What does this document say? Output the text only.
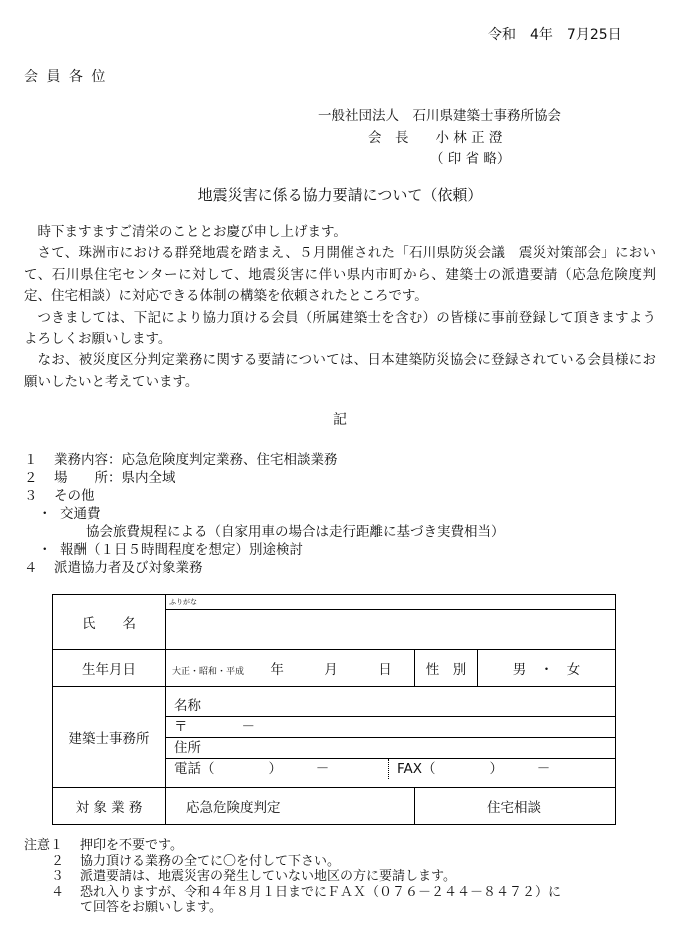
令和　4年　7月25日
会 員 各 位
一般社団法人　石川県建築士事務所協会
会　長　　小 林 正 澄
（ 印 省 略）
地震災害に係る協力要請について（依頼）

時下ますますご清栄のこととお慶び申し上げます。

さて、珠洲市における群発地震を踏まえ、５月開催された「石川県防災会議　震災対策部会」において、石川県住宅センターに対して、地震災害に伴い県内市町から、建築士の派遣要請（応急危険度判定、住宅相談）に対応できる体制の構築を依頼されたところです。

つきましては、下記により協力頂ける会員（所属建築士を含む）の皆様に事前登録して頂きますようよろしくお願いします。

なお、被災度区分判定業務に関する要請については、日本建築防災協会に登録されている会員様にお願いしたいと考えています。

記
１	業務内容：応急危険度判定業務、住宅相談業務
２	場　　所：県内全域
３	その他
・ 交通費
協会旅費規程による（自家用車の場合は走行距離に基づき実費相当）
・ 報酬（１日５時間程度を想定）別途検討
４	派遣協力者及び対象業務
氏　　名	ふりがな		

生年月日	大正・昭和・平成 年　　　月　　　日	性　別	男　・　女
建築士事務所	名称
〒　　　　－
住所
電話（　　　　）　　　－ FAX（　　　　）　　　－		

対 象 業 務	応急危険度判定	住宅相談	
注意１	押印を不要です。
２	協力頂ける業務の全てに〇を付して下さい。
３	派遣要請は、地震災害の発生していない地区の方に要請します。
４	恐れ入りますが、令和４年８月１日までにＦＡＸ（０７６－２４４－８４７２）に
て回答をお願いします。
